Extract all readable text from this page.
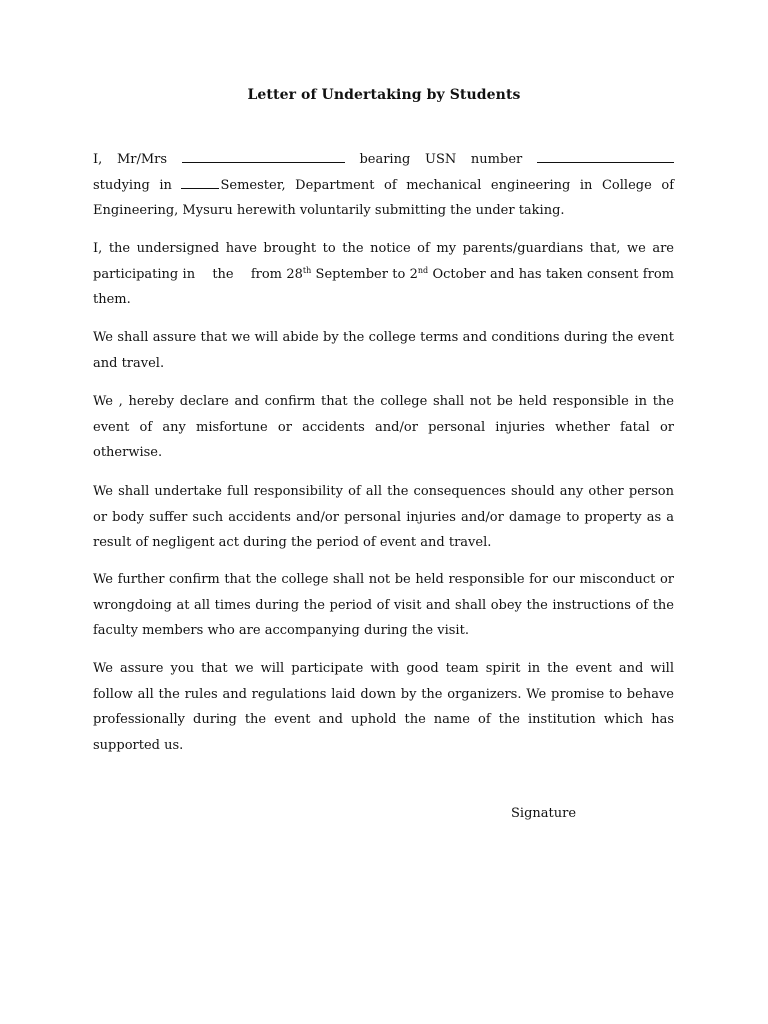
Letter of Undertaking by Students
I, Mr/Mrs	bearing USN number
studying in	Semester, Department of mechanical engineering in College of
Engineering, Mysuru herewith voluntarily submitting the under taking.
I, the undersigned have brought to the notice of my parents/guardians that, we are
participating in    the    from 28th September to 2nd October and has taken consent from
them.
We shall assure that we will abide by the college terms and conditions during the event and travel.
We , hereby declare and confirm that the college shall not be held responsible in the event of any misfortune or accidents and/or personal injuries whether fatal or otherwise.
We shall undertake full responsibility of all the consequences should any other person or body suffer such accidents and/or personal injuries and/or damage to property as a result of negligent act during the period of event and travel.
We further confirm that the college shall not be held responsible for our misconduct or wrongdoing at all times during the period of visit and shall obey the instructions of the faculty members who are accompanying during the visit.
We assure you that we will participate with good team spirit in the event and will follow all the rules and regulations laid down by the organizers. We promise to behave professionally during the event and uphold the name of the institution which has supported us.
Signature
